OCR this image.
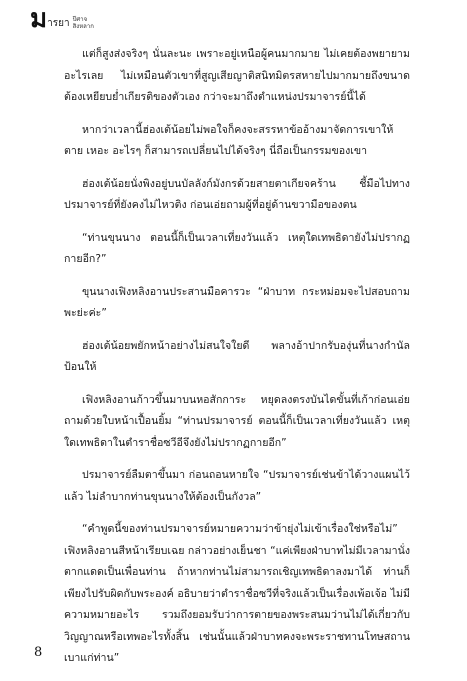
ม ารยา ปีศาจ
สิงหลาก

แต่ก็สูงส่งจริงๆ นั่นละนะ เพราะอยู่เหนือผู้คนมากมาย ไม่เคยต้องพยายามอะไรเลย ไม่เหมือนตัวเขาที่สูญเสียญาติสนิทมิตรสหายไปมากมายถึงขนาดต้องเหยียบย่ำเกียรติของตัวเอง กว่าจะมาถึงตำแหน่งปรมาจารย์นี้ได้

หากว่าเวลานี้ฮ่องเต้น้อยไม่พอใจก็คงจะสรรหาข้ออ้างมาจัดการเขาให้ตาย เหอะ อะไรๆ ก็สามารถเปลี่ยนไปได้จริงๆ นี่ถือเป็นกรรมของเขา

ฮ่องเต้น้อยนั่งพิงอยู่บนบัลลังก์มังกรด้วยสายตาเกียจคร้าน ชี้มือไปทางปรมาจารย์ที่ยังคงไม่ไหวติง ก่อนเอ่ยถามผู้ที่อยู่ด้านขวามือของตน

“ท่านขุนนาง ตอนนี้ก็เป็นเวลาเที่ยงวันแล้ว เหตุใดเทพธิดายังไม่ปรากฏกายอีก?”

ขุนนางเฟิงหลิงอานประสานมือคารวะ “ฝ่าบาท กระหม่อมจะไปสอบถามพะย่ะค่ะ”

ฮ่องเต้น้อยพยักหน้าอย่างไม่สนใจใยดี พลางอ้าปากรับองุ่นที่นางกำนัลป้อนให้

เฟิงหลิงอานก้าวขึ้นมาบนหอสักการะ หยุดลงตรงบันไดขั้นที่เก้าก่อนเอ่ยถามด้วยใบหน้าเปื้อนยิ้ม “ท่านปรมาจารย์ ตอนนี้ก็เป็นเวลาเที่ยงวันแล้ว เหตุใดเทพธิดาในตำราชื่อซวีอีจึงยังไม่ปรากฏกายอีก”

ปรมาจารย์ลืมตาขึ้นมา ก่อนถอนหายใจ “ปรมาจารย์เช่นข้าได้วางแผนไว้แล้ว ไม่ลำบากท่านขุนนางให้ต้องเป็นกังวล”

“คำพูดนี้ของท่านปรมาจารย์หมายความว่าข้ายุ่งไม่เข้าเรื่องใช่หรือไม่” เฟิงหลิงอานสีหน้าเรียบเฉย กล่าวอย่างเย็นชา “แค่เพียงฝ่าบาทไม่มีเวลามานั่งตากแดดเป็นเพื่อนท่าน ถ้าหากท่านไม่สามารถเชิญเทพธิดาลงมาได้ ท่านก็เพียงไปรับผิดกับพระองค์ อธิบายว่าตำราชื่อซวีที่จริงแล้วเป็นเรื่องเพ้อเจ้อ ไม่มีความหมายอะไร รวมถึงยอมรับว่าการตายของพระสนมว่านไม่ได้เกี่ยวกับวิญญาณหรือเทพอะไรทั้งสิ้น เช่นนั้นแล้วฝ่าบาทคงจะพระราชทานโทษสถานเบาแก่ท่าน”

8
